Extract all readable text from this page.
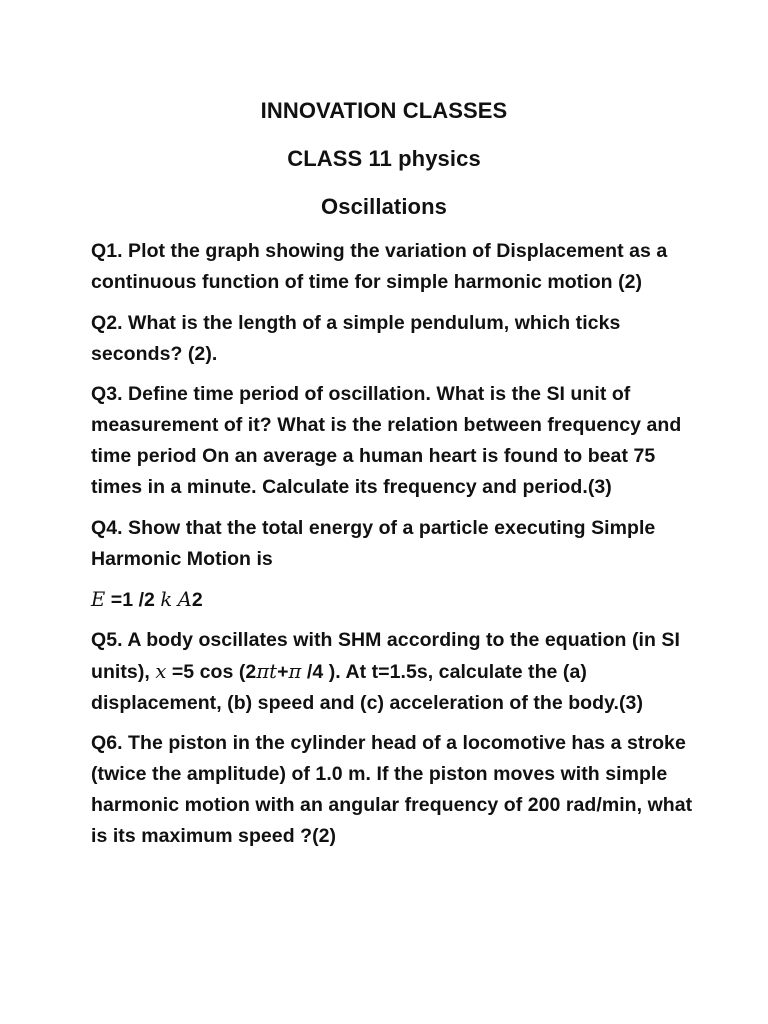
INNOVATION CLASSES
CLASS 11 physics
Oscillations
Q1. Plot the graph showing the variation of Displacement as a continuous function of time for simple harmonic motion (2)
Q2. What is the length of a simple pendulum, which ticks seconds? (2).
Q3. Define time period of oscillation. What is the SI unit of measurement of it? What is the relation between frequency and time period On an average a human heart is found to beat 75 times in a minute. Calculate its frequency and period.(3)
Q4. Show that the total energy of a particle executing Simple Harmonic Motion is
E =1 /2 k A2
Q5. A body oscillates with SHM according to the equation (in SI units), x =5 cos (2πt+π /4 ). At t=1.5s, calculate the (a) displacement, (b) speed and (c) acceleration of the body.(3)
Q6. The piston in the cylinder head of a locomotive has a stroke (twice the amplitude) of 1.0 m. If the piston moves with simple harmonic motion with an angular frequency of 200 rad/min, what is its maximum speed ?(2)
